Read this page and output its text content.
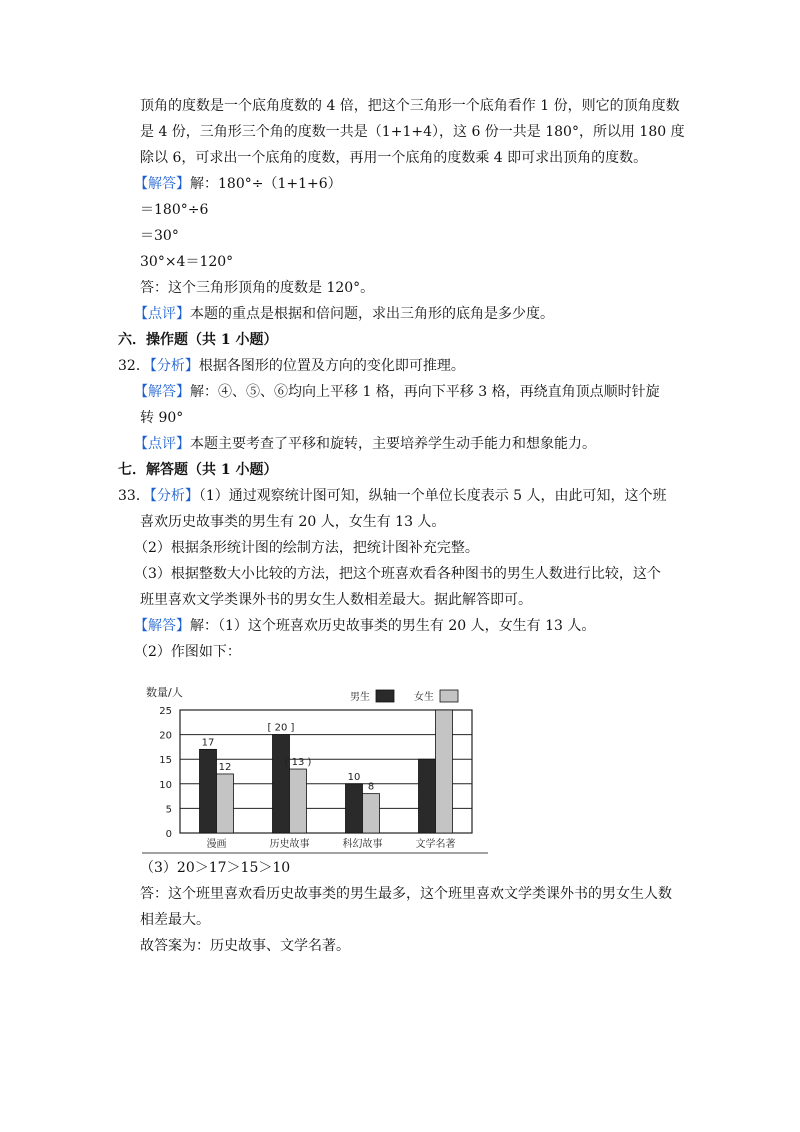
顶角的度数是一个底角度数的 4 倍，把这个三角形一个底角看作 1 份，则它的顶角度数
是 4 份，三角形三个角的度数一共是（1+1+4），这 6 份一共是 180°，所以用 180 度
除以 6，可求出一个底角的度数，再用一个底角的度数乘 4 即可求出顶角的度数。
【解答】解：180°÷（1+1+6）
＝180°÷6
＝30°
30°×4＝120°
答：这个三角形顶角的度数是 120°。
【点评】本题的重点是根据和倍问题，求出三角形的底角是多少度。
六．操作题（共 1 小题）
32．【分析】根据各图形的位置及方向的变化即可推理。
【解答】解：④、⑤、⑥均向上平移 1 格，再向下平移 3 格，再绕直角顶点顺时针旋
转 90°
【点评】本题主要考查了平移和旋转，主要培养学生动手能力和想象能力。
七．解答题（共 1 小题）
33．【分析】（1）通过观察统计图可知，纵轴一个单位长度表示 5 人，由此可知，这个班
喜欢历史故事类的男生有 20 人，女生有 13 人。
（2）根据条形统计图的绘制方法，把统计图补充完整。
（3）根据整数大小比较的方法，把这个班喜欢看各种图书的男生人数进行比较，这个
班里喜欢文学类课外书的男女生人数相差最大。据此解答即可。
【解答】解：（1）这个班喜欢历史故事类的男生有 20 人，女生有 13 人。
（2）作图如下：
0
5
10
15
20
25
数量/人
漫画	历史故事	科幻故事	文学名著
17
12
[ 20 ]
( 13 )
10
8
男生	女生
（3）20＞17＞15＞10
答：这个班里喜欢看历史故事类的男生最多，这个班里喜欢文学类课外书的男女生人数
相差最大。
故答案为：历史故事、文学名著。
